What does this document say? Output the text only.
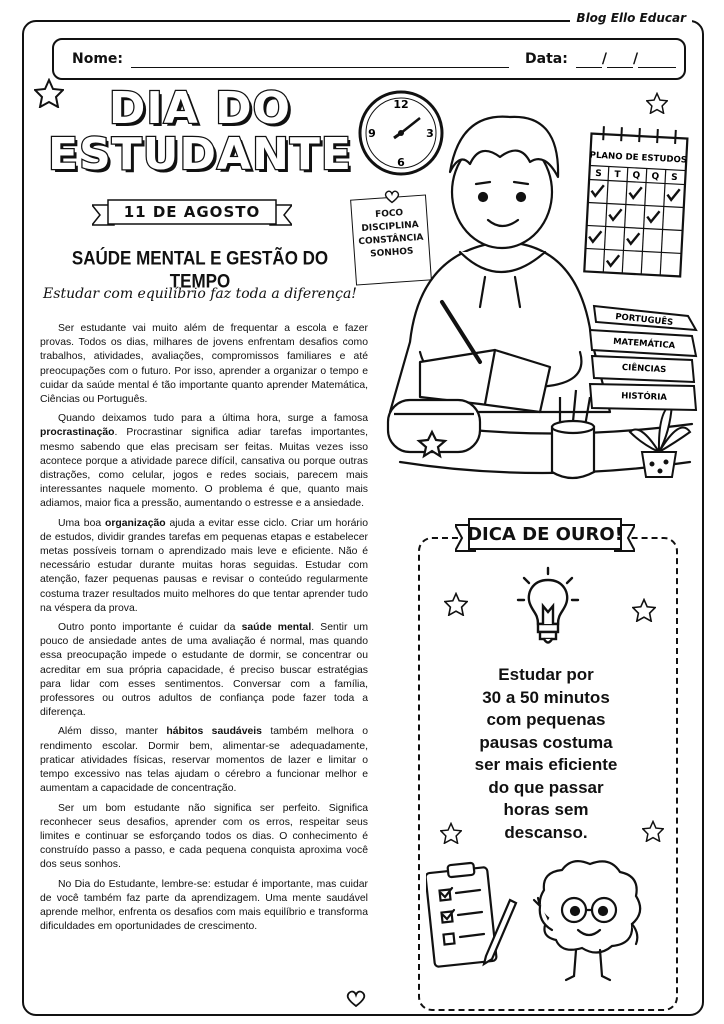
Blog Ello Educar
Nome:	Data: / /
DIA DO
ESTUDANTE
11 DE AGOSTO
SAÚDE MENTAL E GESTÃO DO TEMPO
Estudar com equilíbrio faz toda a diferença!
12
3
6
9
FOCO
DISCIPLINA
CONSTÂNCIA
SONHOS
PLANO DE ESTUDOS
S T Q Q S
PORTUGUÊS
MATEMÁTICA
CIÊNCIAS
HISTÓRIA

Ser estudante vai muito além de frequentar a escola e fazer provas. Todos os dias, milhares de jovens enfrentam desafios como trabalhos, atividades, avaliações, compromissos familiares e até preocupações com o futuro. Por isso, aprender a organizar o tempo e cuidar da saúde mental é tão importante quanto aprender Matemática, Ciências ou Português.

Quando deixamos tudo para a última hora, surge a famosa procrastinação. Procrastinar significa adiar tarefas importantes, mesmo sabendo que elas precisam ser feitas. Muitas vezes isso acontece porque a atividade parece difícil, cansativa ou porque outras distrações, como celular, jogos e redes sociais, parecem mais interessantes naquele momento. O problema é que, quanto mais adiamos, maior fica a pressão, aumentando o estresse e a ansiedade.

Uma boa organização ajuda a evitar esse ciclo. Criar um horário de estudos, dividir grandes tarefas em pequenas etapas e estabelecer metas possíveis tornam o aprendizado mais leve e eficiente. Não é necessário estudar durante muitas horas seguidas. Estudar com atenção, fazer pequenas pausas e revisar o conteúdo regularmente costuma trazer resultados muito melhores do que tentar aprender tudo na véspera da prova.

Outro ponto importante é cuidar da saúde mental. Sentir um pouco de ansiedade antes de uma avaliação é normal, mas quando essa preocupação impede o estudante de dormir, se concentrar ou acreditar em sua própria capacidade, é preciso buscar estratégias para lidar com esses sentimentos. Conversar com a família, professores ou outros adultos de confiança pode fazer toda a diferença.

Além disso, manter hábitos saudáveis também melhora o rendimento escolar. Dormir bem, alimentar-se adequadamente, praticar atividades físicas, reservar momentos de lazer e limitar o tempo excessivo nas telas ajudam o cérebro a funcionar melhor e aumentam a capacidade de concentração.

Ser um bom estudante não significa ser perfeito. Significa reconhecer seus desafios, aprender com os erros, respeitar seus limites e continuar se esforçando todos os dias. O conhecimento é construído passo a passo, e cada pequena conquista aproxima você dos seus sonhos.

No Dia do Estudante, lembre-se: estudar é importante, mas cuidar de você também faz parte da aprendizagem. Uma mente saudável aprende melhor, enfrenta os desafios com mais equilíbrio e transforma dificuldades em oportunidades de crescimento.

DICA DE OURO!
Estudar por
30 a 50 minutos
com pequenas
pausas costuma
ser mais eficiente
do que passar
horas sem
descanso.
